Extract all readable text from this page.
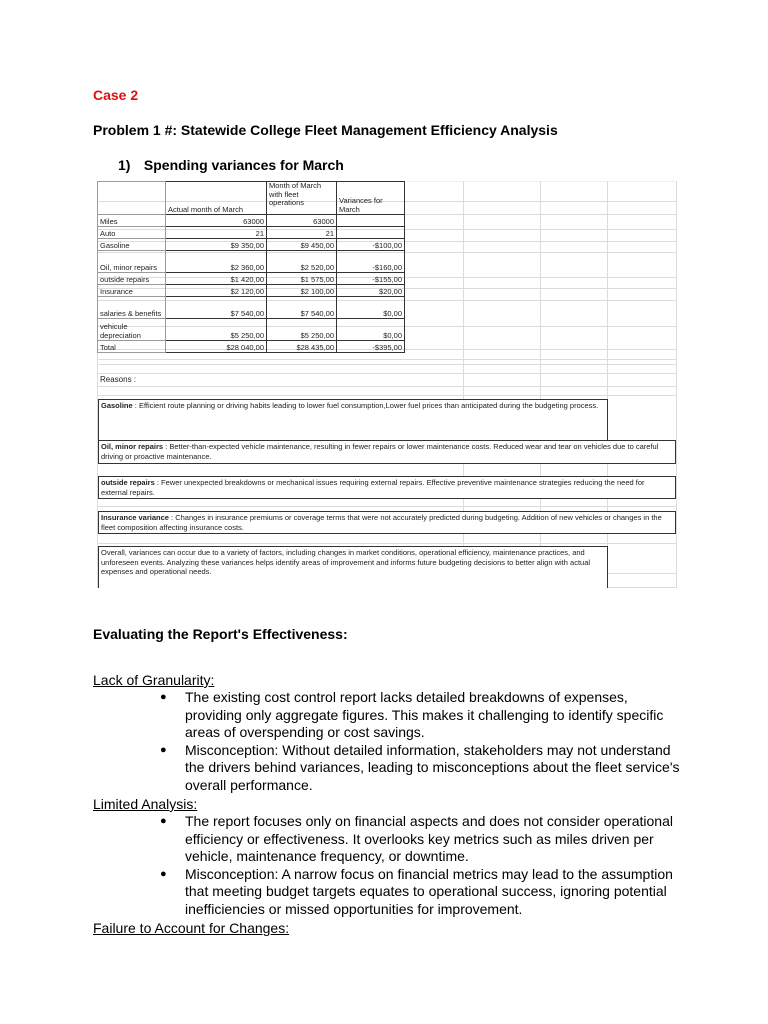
Case 2
Problem 1 #: Statewide College Fleet Management Efficiency Analysis
1) Spending variances for March
	Actual month of March	Month of March with fleet operations	Variances for March
Miles	63000	63000	
Auto	21	21	
Gasoline	$9 350,00	$9 450,00	-$100,00
Oil, minor repairs	$2 360,00	$2 520,00	-$160,00
outside repairs	$1 420,00	$1 575,00	-$155,00
Insurance	$2 120,00	$2 100,00	$20,00
salaries & benefits	$7 540,00	$7 540,00	$0,00
vehicule depreciation	$5 250,00	$5 250,00	$0,00
Total	$28 040,00	$28 435,00	-$395,00
Reasons :
Gasoline : Efficient route planning or driving habits leading to lower fuel consumption,Lower fuel prices than anticipated during the budgeting process.
Oil, minor repairs : Better-than-expected vehicle maintenance, resulting in fewer repairs or lower maintenance costs. Reduced wear and tear on vehicles due to careful driving or proactive maintenance.
outside repairs : Fewer unexpected breakdowns or mechanical issues requiring external repairs. Effective preventive maintenance strategies reducing the need for external repairs.
Insurance variance : Changes in insurance premiums or coverage terms that were not accurately predicted during budgeting. Addition of new vehicles or changes in the fleet composition affecting insurance costs.
Overall, variances can occur due to a variety of factors, including changes in market conditions, operational efficiency, maintenance practices, and unforeseen events. Analyzing these variances helps identify areas of improvement and informs future budgeting decisions to better align with actual expenses and operational needs.
Evaluating the Report's Effectiveness:
Lack of Granularity:
● The existing cost control report lacks detailed breakdowns of expenses, providing only aggregate figures. This makes it challenging to identify specific areas of overspending or cost savings.
● Misconception: Without detailed information, stakeholders may not understand the drivers behind variances, leading to misconceptions about the fleet service's overall performance.
Limited Analysis:
● The report focuses only on financial aspects and does not consider operational efficiency or effectiveness. It overlooks key metrics such as miles driven per vehicle, maintenance frequency, or downtime.
● Misconception: A narrow focus on financial metrics may lead to the assumption that meeting budget targets equates to operational success, ignoring potential inefficiencies or missed opportunities for improvement.
Failure to Account for Changes:
